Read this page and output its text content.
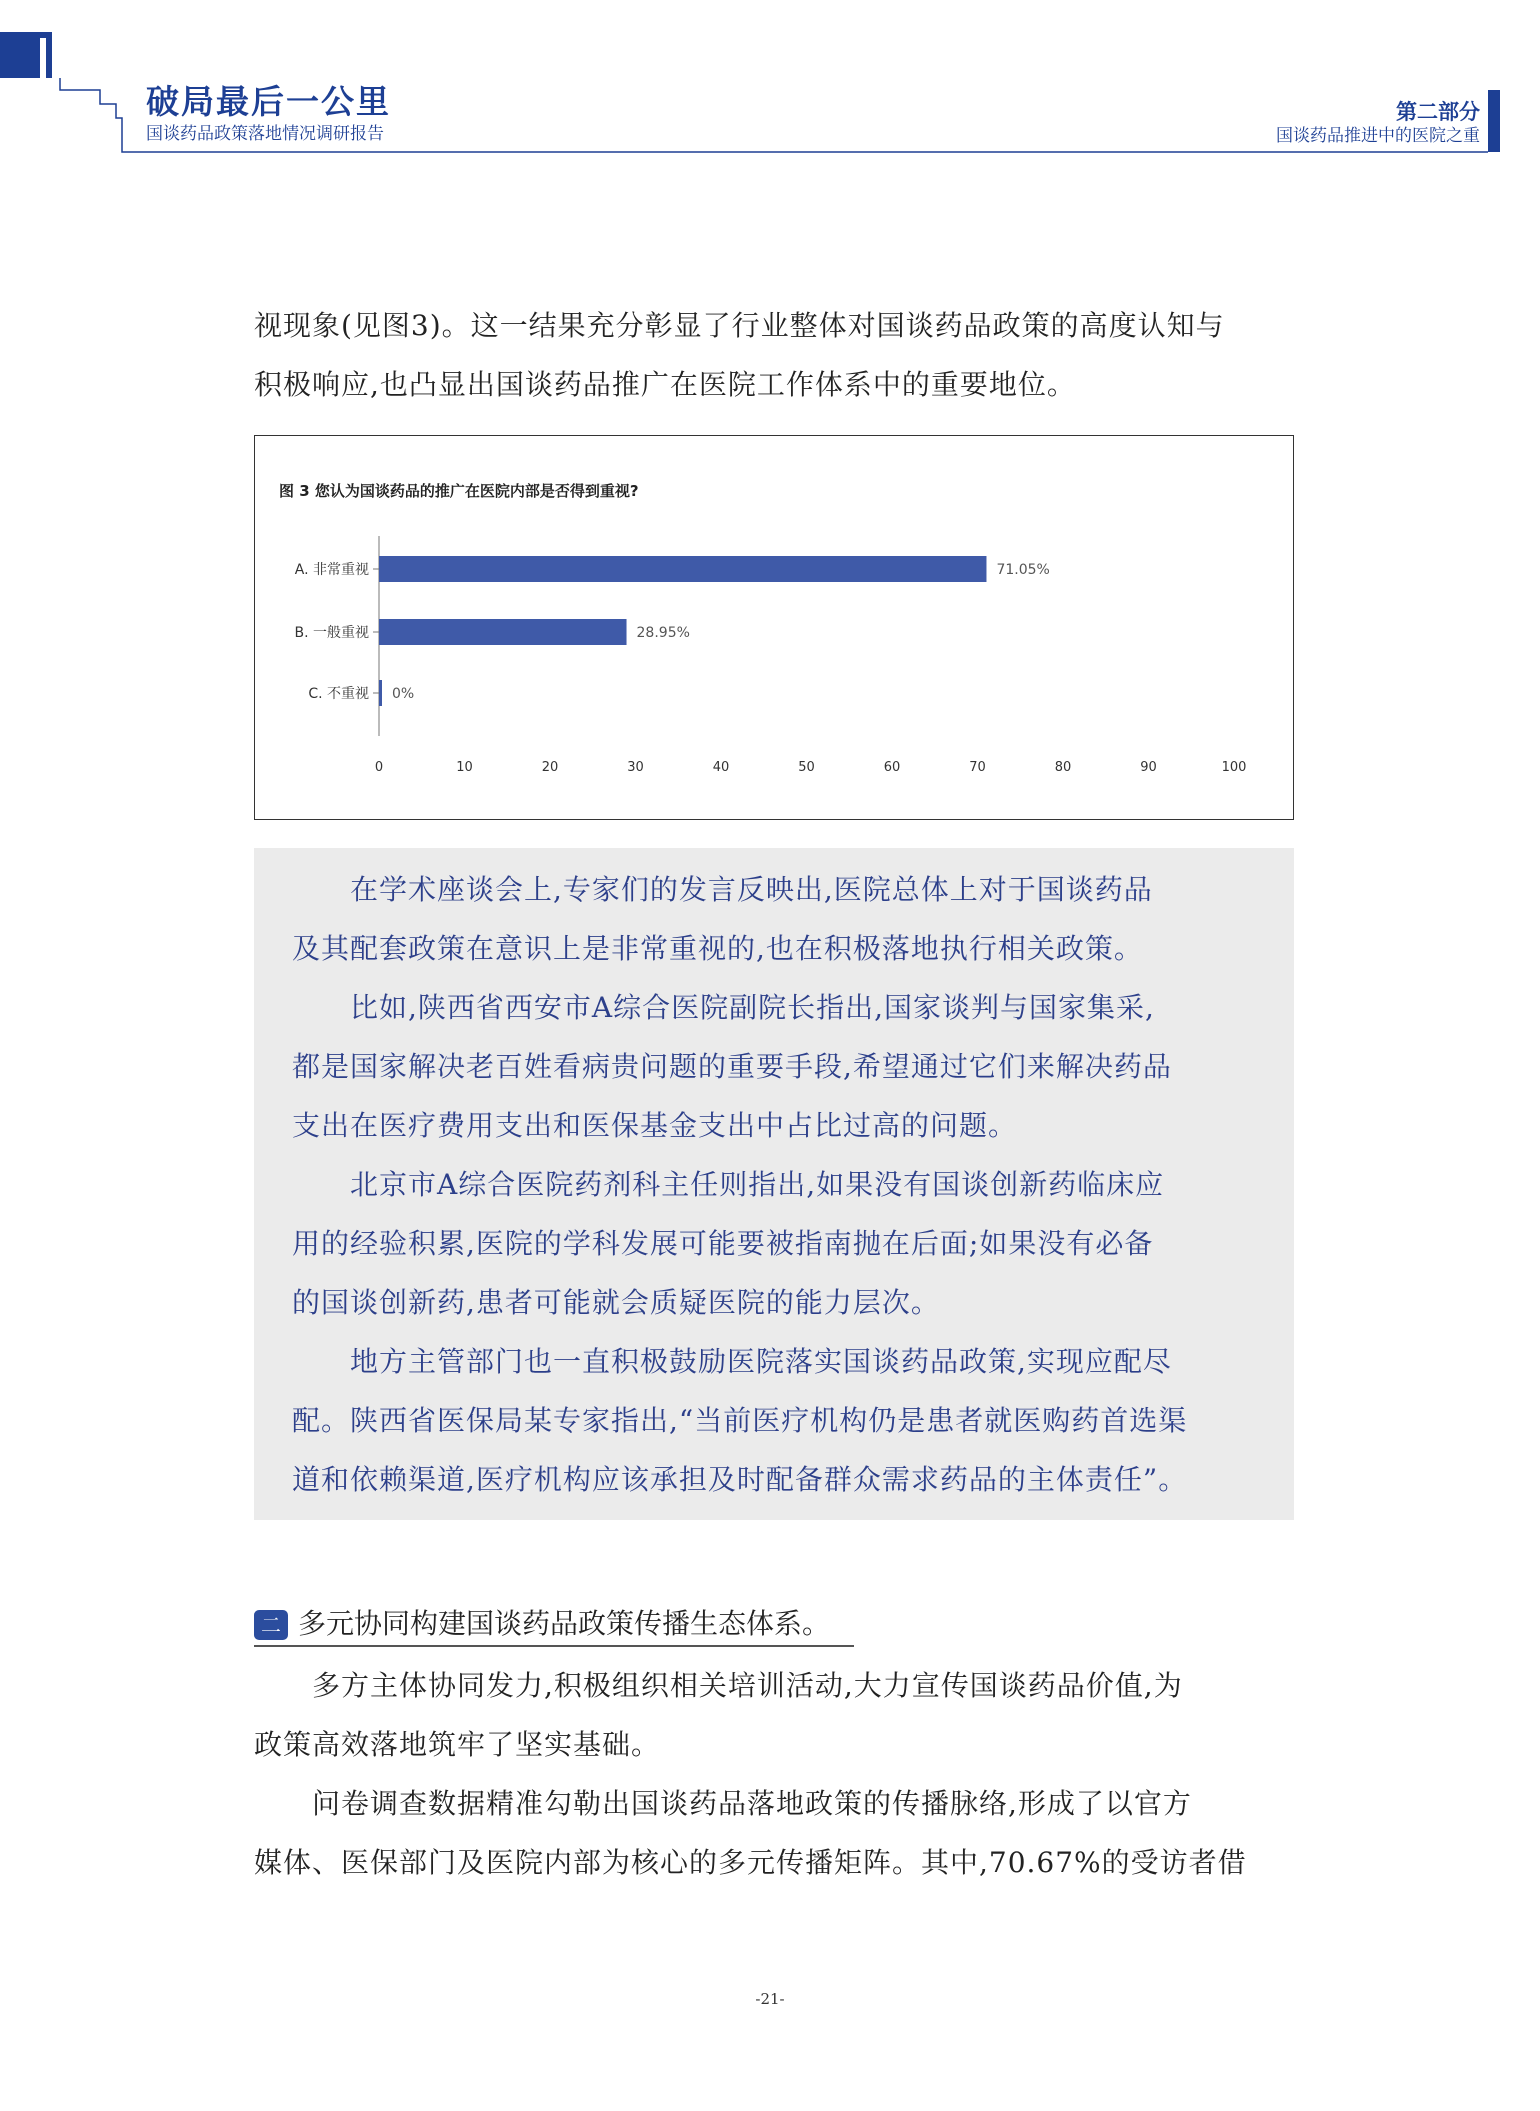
破局最后一公里
国谈药品政策落地情况调研报告
第二部分
国谈药品推进中的医院之重
视现象(见图3)。这一结果充分彰显了行业整体对国谈药品政策的高度认知与
积极响应,也凸显出国谈药品推广在医院工作体系中的重要地位。
图 3 您认为国谈药品的推广在医院内部是否得到重视?
0	10	20	30	40	50	60	70	80	90	100
A. 非常重视	71.05%
B. 一般重视	28.95%
C. 不重视 0%
在学术座谈会上,专家们的发言反映出,医院总体上对于国谈药品
及其配套政策在意识上是非常重视的,也在积极落地执行相关政策。
比如,陕西省西安市A综合医院副院长指出,国家谈判与国家集采,
都是国家解决老百姓看病贵问题的重要手段,希望通过它们来解决药品
支出在医疗费用支出和医保基金支出中占比过高的问题。
北京市A综合医院药剂科主任则指出,如果没有国谈创新药临床应
用的经验积累,医院的学科发展可能要被指南抛在后面;如果没有必备
的国谈创新药,患者可能就会质疑医院的能力层次。
地方主管部门也一直积极鼓励医院落实国谈药品政策,实现应配尽
配。陕西省医保局某专家指出,“当前医疗机构仍是患者就医购药首选渠
道和依赖渠道,医疗机构应该承担及时配备群众需求药品的主体责任”。
二 多元协同构建国谈药品政策传播生态体系。
多方主体协同发力,积极组织相关培训活动,大力宣传国谈药品价值,为
政策高效落地筑牢了坚实基础。
问卷调查数据精准勾勒出国谈药品落地政策的传播脉络,形成了以官方
媒体、医保部门及医院内部为核心的多元传播矩阵。其中,70.67%的受访者借
-21-
